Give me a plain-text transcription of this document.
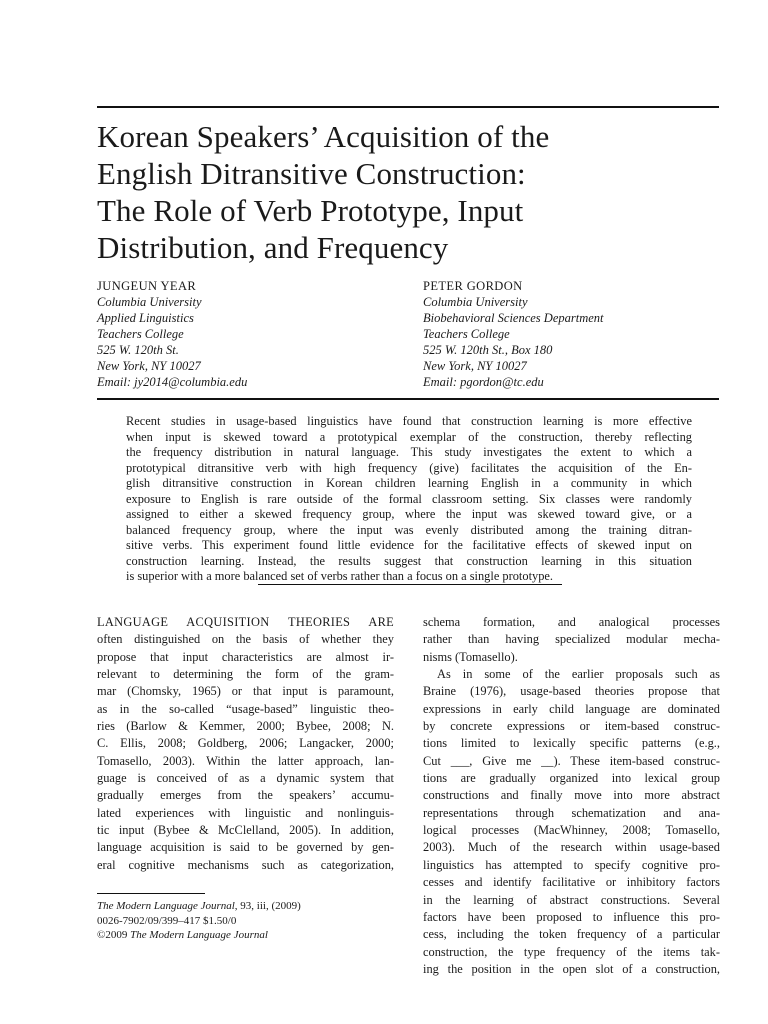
Korean Speakers’ Acquisition of the
English Ditransitive Construction:
The Role of Verb Prototype, Input
Distribution, and Frequency
JUNGEUN YEAR
Columbia University
Applied Linguistics
Teachers College
525 W. 120th St.
New York, NY 10027
Email: jy2014@columbia.edu
PETER GORDON
Columbia University
Biobehavioral Sciences Department
Teachers College
525 W. 120th St., Box 180
New York, NY 10027
Email: pgordon@tc.edu
Recent studies in usage-based linguistics have found that construction learning is more effective
when input is skewed toward a prototypical exemplar of the construction, thereby reflecting
the frequency distribution in natural language. This study investigates the extent to which a
prototypical ditransitive verb with high frequency (give) facilitates the acquisition of the En-
glish ditransitive construction in Korean children learning English in a community in which
exposure to English is rare outside of the formal classroom setting. Six classes were randomly
assigned to either a skewed frequency group, where the input was skewed toward give, or a
balanced frequency group, where the input was evenly distributed among the training ditran-
sitive verbs. This experiment found little evidence for the facilitative effects of skewed input on
construction learning. Instead, the results suggest that construction learning in this situation
is superior with a more balanced set of verbs rather than a focus on a single prototype.
LANGUAGE ACQUISITION THEORIES ARE
often distinguished on the basis of whether they
propose that input characteristics are almost ir-
relevant to determining the form of the gram-
mar (Chomsky, 1965) or that input is paramount,
as in the so-called “usage-based” linguistic theo-
ries (Barlow & Kemmer, 2000; Bybee, 2008; N.
C. Ellis, 2008; Goldberg, 2006; Langacker, 2000;
Tomasello, 2003). Within the latter approach, lan-
guage is conceived of as a dynamic system that
gradually emerges from the speakers’ accumu-
lated experiences with linguistic and nonlinguis-
tic input (Bybee & McClelland, 2005). In addition,
language acquisition is said to be governed by gen-
eral cognitive mechanisms such as categorization,
schema formation, and analogical processes
rather than having specialized modular mecha-
nisms (Tomasello).
As in some of the earlier proposals such as
Braine (1976), usage-based theories propose that
expressions in early child language are dominated
by concrete expressions or item-based construc-
tions limited to lexically specific patterns (e.g.,
Cut ___, Give me __). These item-based construc-
tions are gradually organized into lexical group
constructions and finally move into more abstract
representations through schematization and ana-
logical processes (MacWhinney, 2008; Tomasello,
2003). Much of the research within usage-based
linguistics has attempted to specify cognitive pro-
cesses and identify facilitative or inhibitory factors
in the learning of abstract constructions. Several
factors have been proposed to influence this pro-
cess, including the token frequency of a particular
construction, the type frequency of the items tak-
ing the position in the open slot of a construction,
The Modern Language Journal, 93, iii, (2009)
0026-7902/09/399–417 $1.50/0
©2009 The Modern Language Journal
